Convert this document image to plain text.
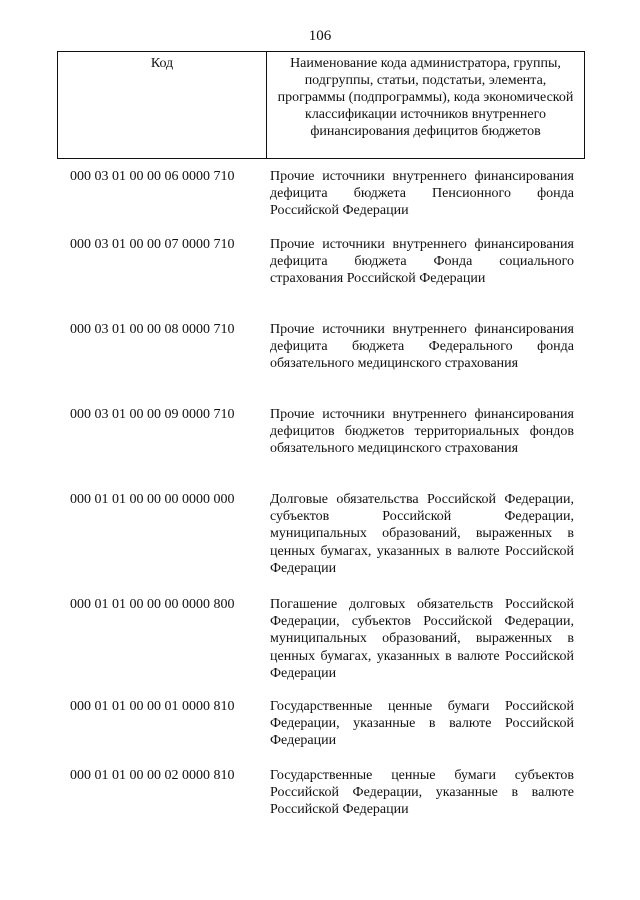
106
Код	Наименование кода администратора, группы, подгруппы, статьи, подстатьи, элемента, программы (подпрограммы), кода экономической классификации источников внутреннего финансирования дефицитов бюджетов
000 03 01 00 00 06 0000 710	Прочие источники внутреннего финансирования дефицита бюджета Пенсионного фонда Российской Федерации
000 03 01 00 00 07 0000 710	Прочие источники внутреннего финансирования дефицита бюджета Фонда социального страхования Российской Федерации
000 03 01 00 00 08 0000 710	Прочие источники внутреннего финансирования дефицита бюджета Федерального фонда обязательного медицинского страхования
000 03 01 00 00 09 0000 710	Прочие источники внутреннего финансирования дефицитов бюджетов территориальных фондов обязательного медицинского страхования
000 01 01 00 00 00 0000 000	Долговые обязательства Российской Федерации, субъектов Российской Федерации, муниципальных образований, выраженных в ценных бумагах, указанных в валюте Российской Федерации
000 01 01 00 00 00 0000 800	Погашение долговых обязательств Российской Федерации, субъектов Российской Федерации, муниципальных образований, выраженных в ценных бумагах, указанных в валюте Российской Федерации
000 01 01 00 00 01 0000 810	Государственные ценные бумаги Российской Федерации, указанные в валюте Российской Федерации
000 01 01 00 00 02 0000 810	Государственные ценные бумаги субъектов Российской Федерации, указанные в валюте Российской Федерации
